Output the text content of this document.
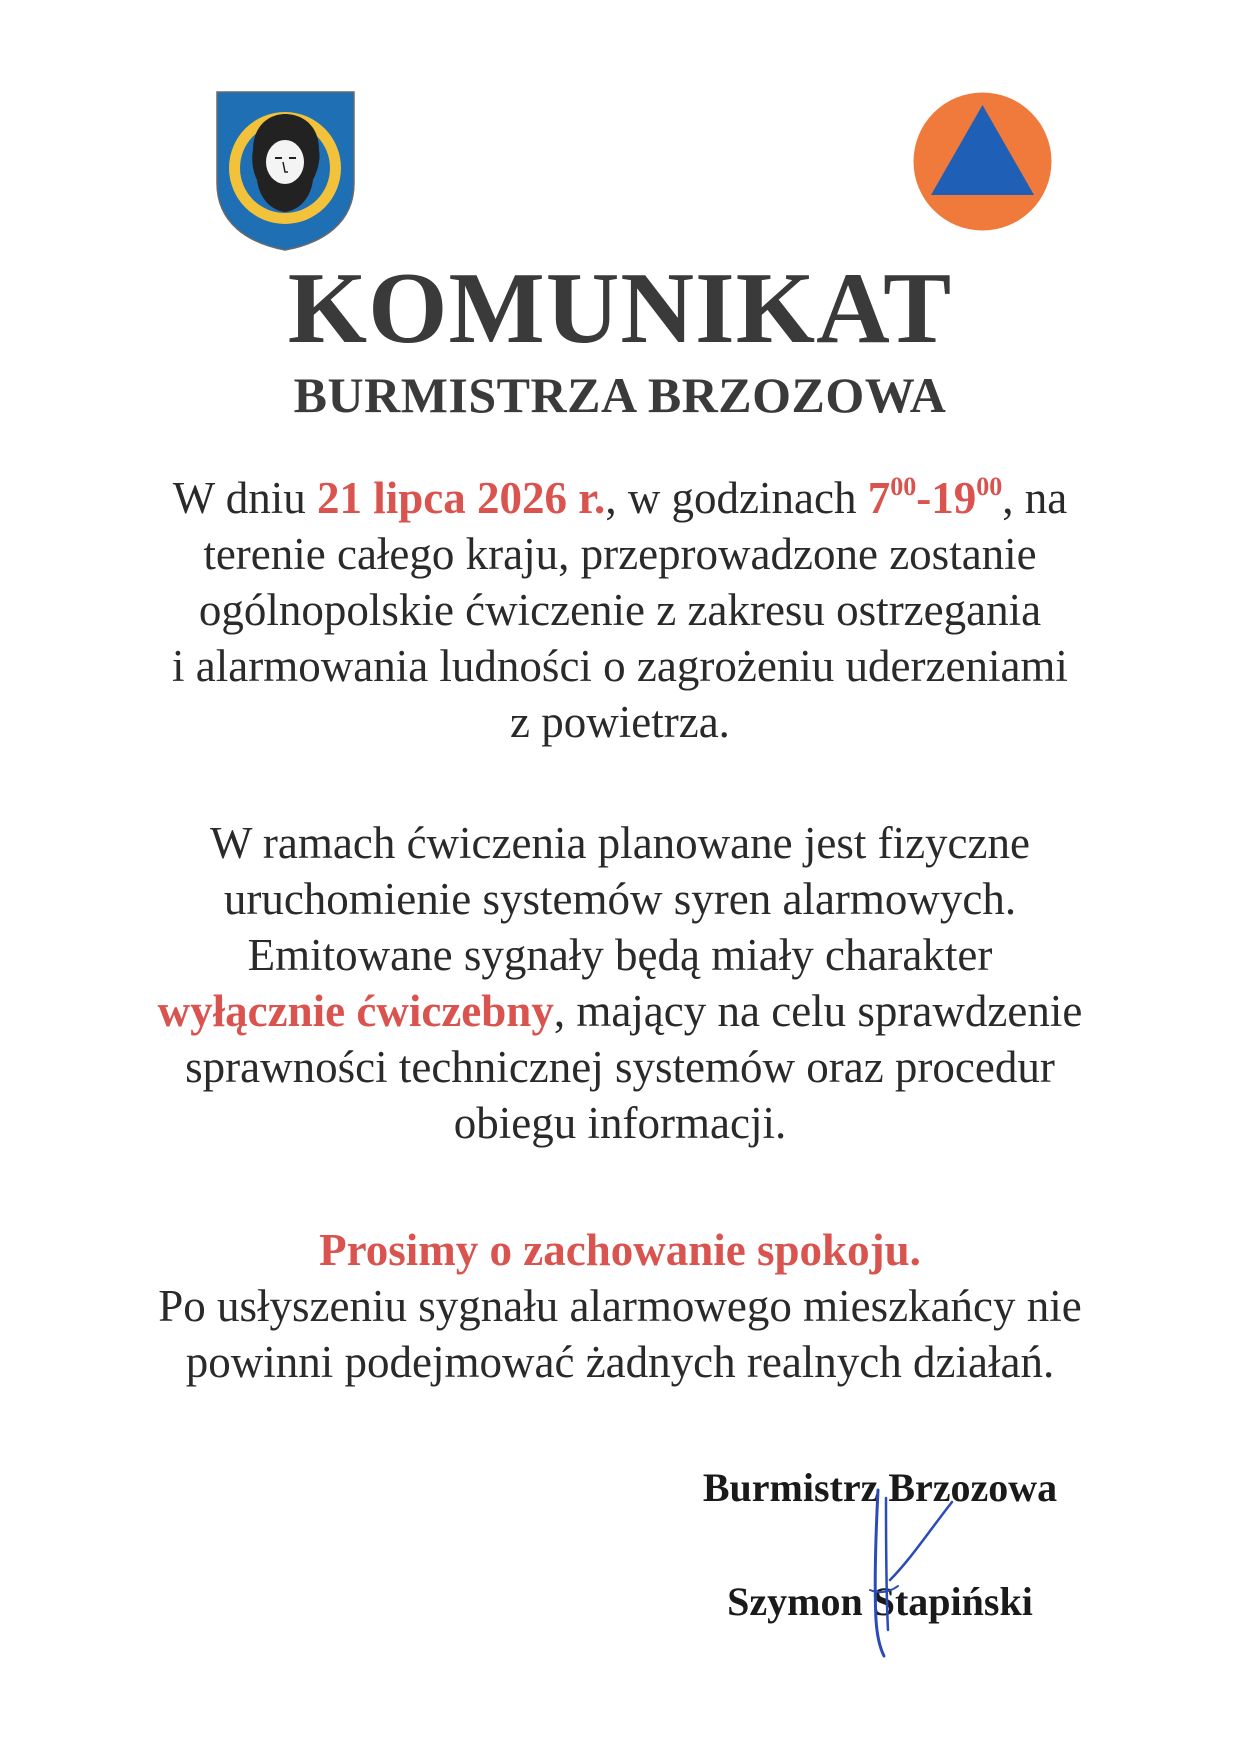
KOMUNIKAT
BURMISTRZA BRZOZOWA
W dniu 21 lipca 2026 r., w godzinach $7^{00}-19^{00}$, na
terenie całego kraju, przeprowadzone zostanie
ogólnopolskie ćwiczenie z zakresu ostrzegania
i alarmowania ludności o zagrożeniu uderzeniami
z powietrza.
W ramach ćwiczenia planowane jest fizyczne
uruchomienie systemów syren alarmowych.
Emitowane sygnały będą miały charakter
wyłącznie ćwiczebny, mający na celu sprawdzenie
sprawności technicznej systemów oraz procedur
obiegu informacji.
Prosimy o zachowanie spokoju.
Po usłyszeniu sygnału alarmowego mieszkańcy nie
powinni podejmować żadnych realnych działań.
Burmistrz Brzozowa
Szymon Stapiński
